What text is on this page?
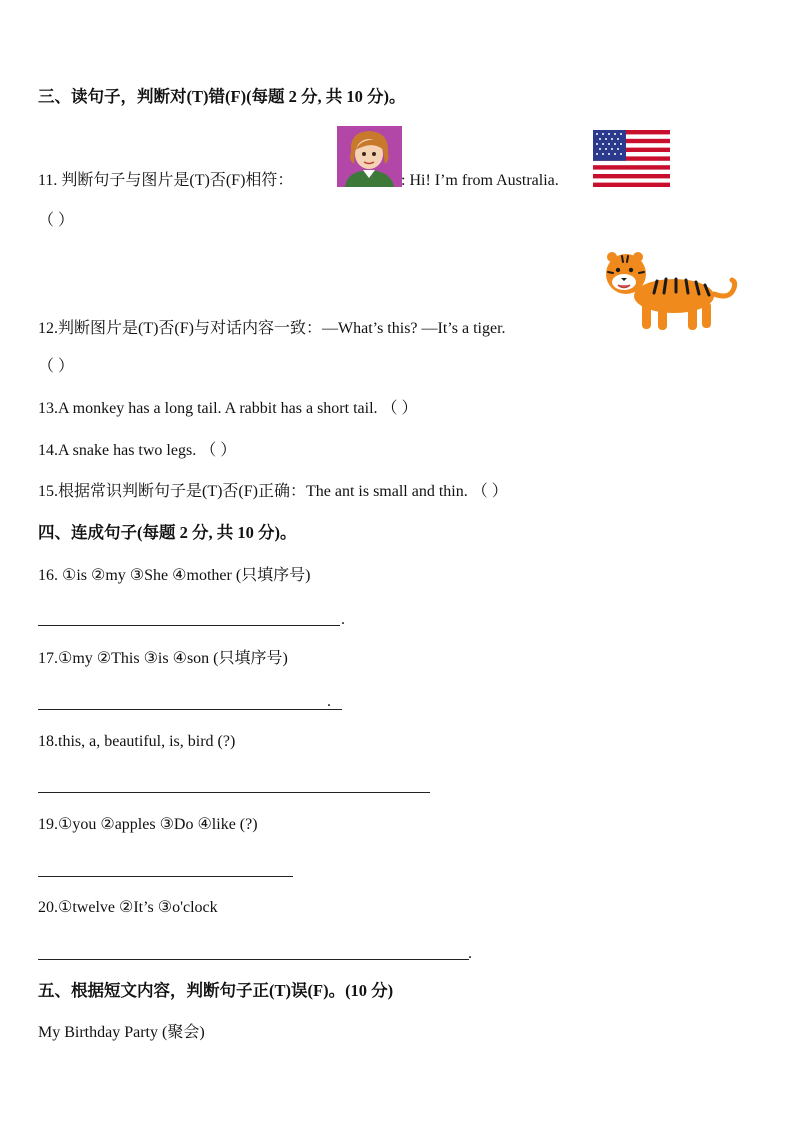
三、读句子，判断对(T)错(F)(每题 2 分, 共 10 分)。
11. 判断句子与图片是(T)否(F)相符：	: Hi! I’m from Australia.
（ ）
12.判断图片是(T)否(F)与对话内容一致：—What’s this? —It’s a tiger.
（ ）
13.A monkey has a long tail. A rabbit has a short tail. （ ）
14.A snake has two legs. （ ）
15.根据常识判断句子是(T)否(F)正确：The ant is small and thin. （ ）
四、连成句子(每题 2 分, 共 10 分)。
16. ①is ②my ③She ④mother (只填序号)
.
17.①my ②This ③is ④son (只填序号)
.
18.this, a, beautiful, is, bird (?)
19.①you ②apples ③Do ④like (?)
20.①twelve ②It’s ③o'clock
.
五、根据短文内容，判断句子正(T)误(F)。(10 分)
My Birthday Party (聚会)
